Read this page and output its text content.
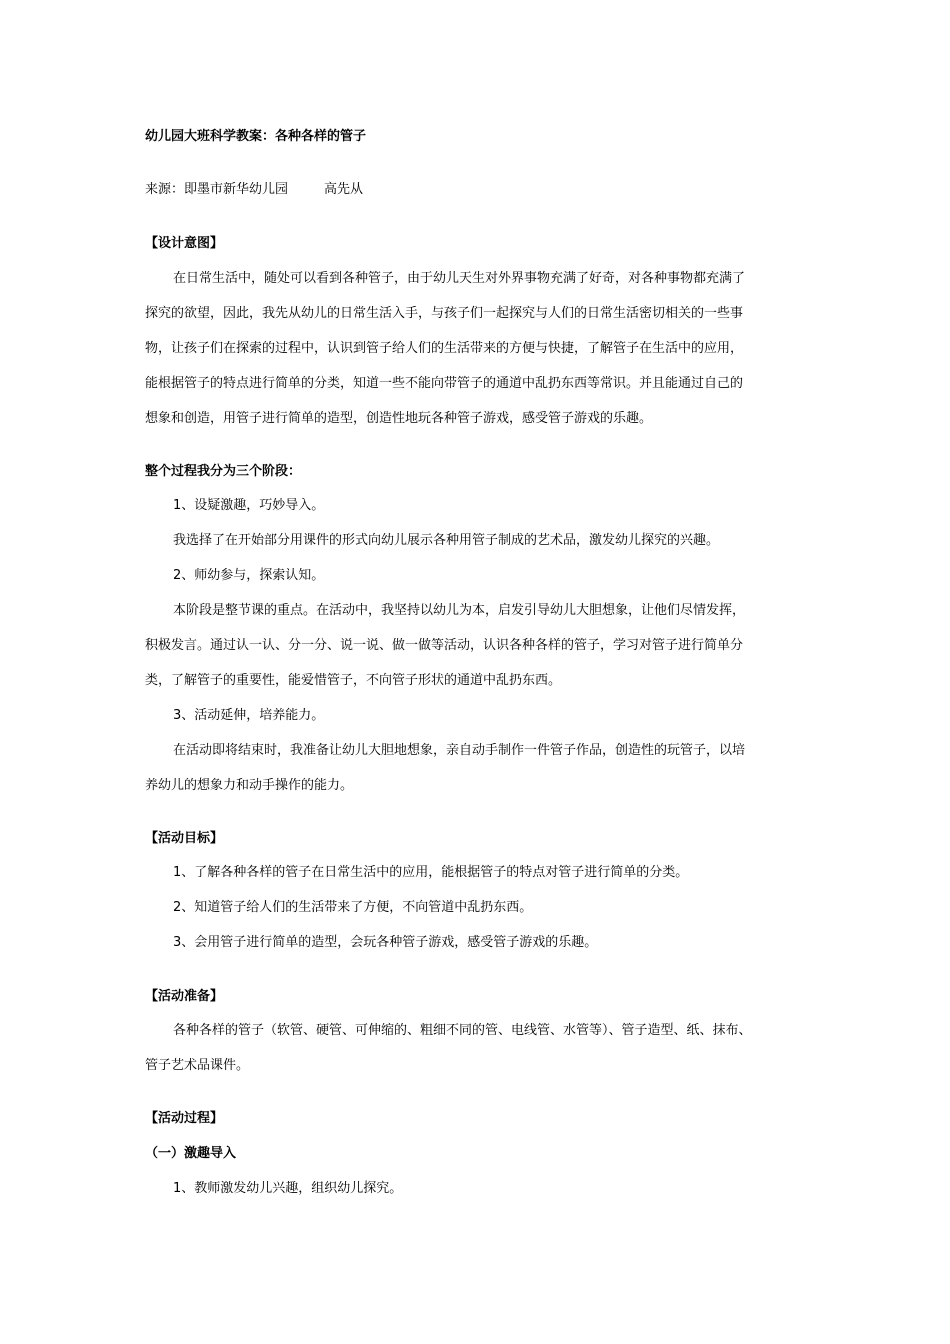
幼儿园大班科学教案：各种各样的管子
来源：即墨市新华幼儿园	高先从
【设计意图】
在日常生活中，随处可以看到各种管子，由于幼儿天生对外界事物充满了好奇，对各种事物都充满了
探究的欲望，因此，我先从幼儿的日常生活入手，与孩子们一起探究与人们的日常生活密切相关的一些事
物，让孩子们在探索的过程中，认识到管子给人们的生活带来的方便与快捷，了解管子在生活中的应用，
能根据管子的特点进行简单的分类，知道一些不能向带管子的通道中乱扔东西等常识。并且能通过自己的
想象和创造，用管子进行简单的造型，创造性地玩各种管子游戏，感受管子游戏的乐趣。
整个过程我分为三个阶段：
1、设疑激趣，巧妙导入。
我选择了在开始部分用课件的形式向幼儿展示各种用管子制成的艺术品，激发幼儿探究的兴趣。
2、师幼参与，探索认知。
本阶段是整节课的重点。在活动中，我坚持以幼儿为本，启发引导幼儿大胆想象，让他们尽情发挥，
积极发言。通过认一认、分一分、说一说、做一做等活动，认识各种各样的管子，学习对管子进行简单分
类，了解管子的重要性，能爱惜管子，不向管子形状的通道中乱扔东西。
3、活动延伸，培养能力。
在活动即将结束时，我准备让幼儿大胆地想象，亲自动手制作一件管子作品，创造性的玩管子，以培
养幼儿的想象力和动手操作的能力。
【活动目标】
1、了解各种各样的管子在日常生活中的应用，能根据管子的特点对管子进行简单的分类。
2、知道管子给人们的生活带来了方便，不向管道中乱扔东西。
3、会用管子进行简单的造型，会玩各种管子游戏，感受管子游戏的乐趣。
【活动准备】
各种各样的管子（软管、硬管、可伸缩的、粗细不同的管、电线管、水管等）、管子造型、纸、抹布、
管子艺术品课件。
【活动过程】
（一）激趣导入
1、教师激发幼儿兴趣，组织幼儿探究。
